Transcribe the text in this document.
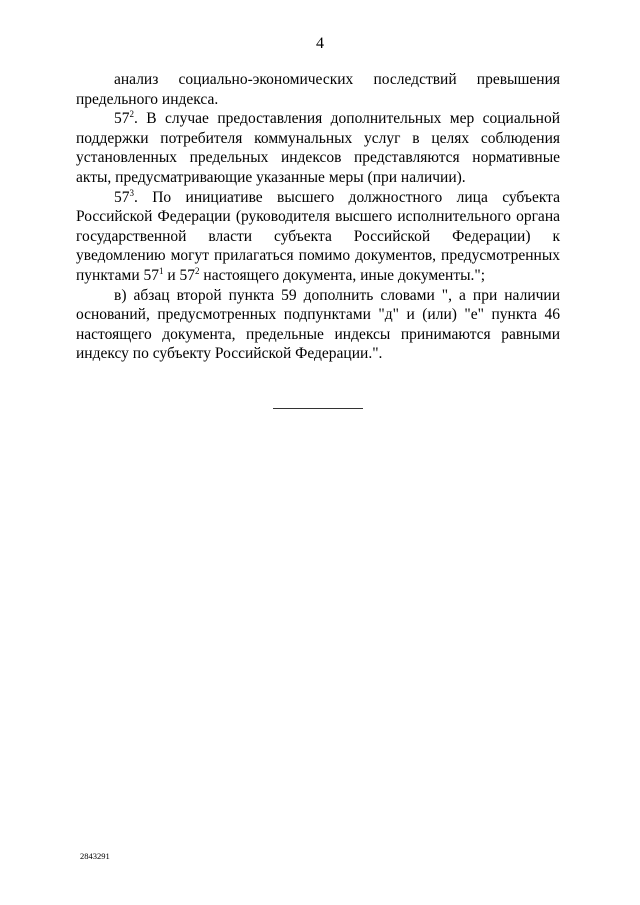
4

анализ социально-экономических последствий превышения предельного индекса.

$57^2$. В случае предоставления дополнительных мер социальной поддержки потребителя коммунальных услуг в целях соблюдения установленных предельных индексов представляются нормативные акты, предусматривающие указанные меры (при наличии).

$57^3$. По инициативе высшего должностного лица субъекта Российской Федерации (руководителя высшего исполнительного органа государственной власти субъекта Российской Федерации) к уведомлению могут прилагаться помимо документов, предусмотренных пунктами $57^1$ и $57^2$ настоящего документа, иные документы.";

в) абзац второй пункта 59 дополнить словами ", а при наличии оснований, предусмотренных подпунктами "д" и (или) "е" пункта 46 настоящего документа, предельные индексы принимаются равными индексу по субъекту Российской Федерации.".

2843291
